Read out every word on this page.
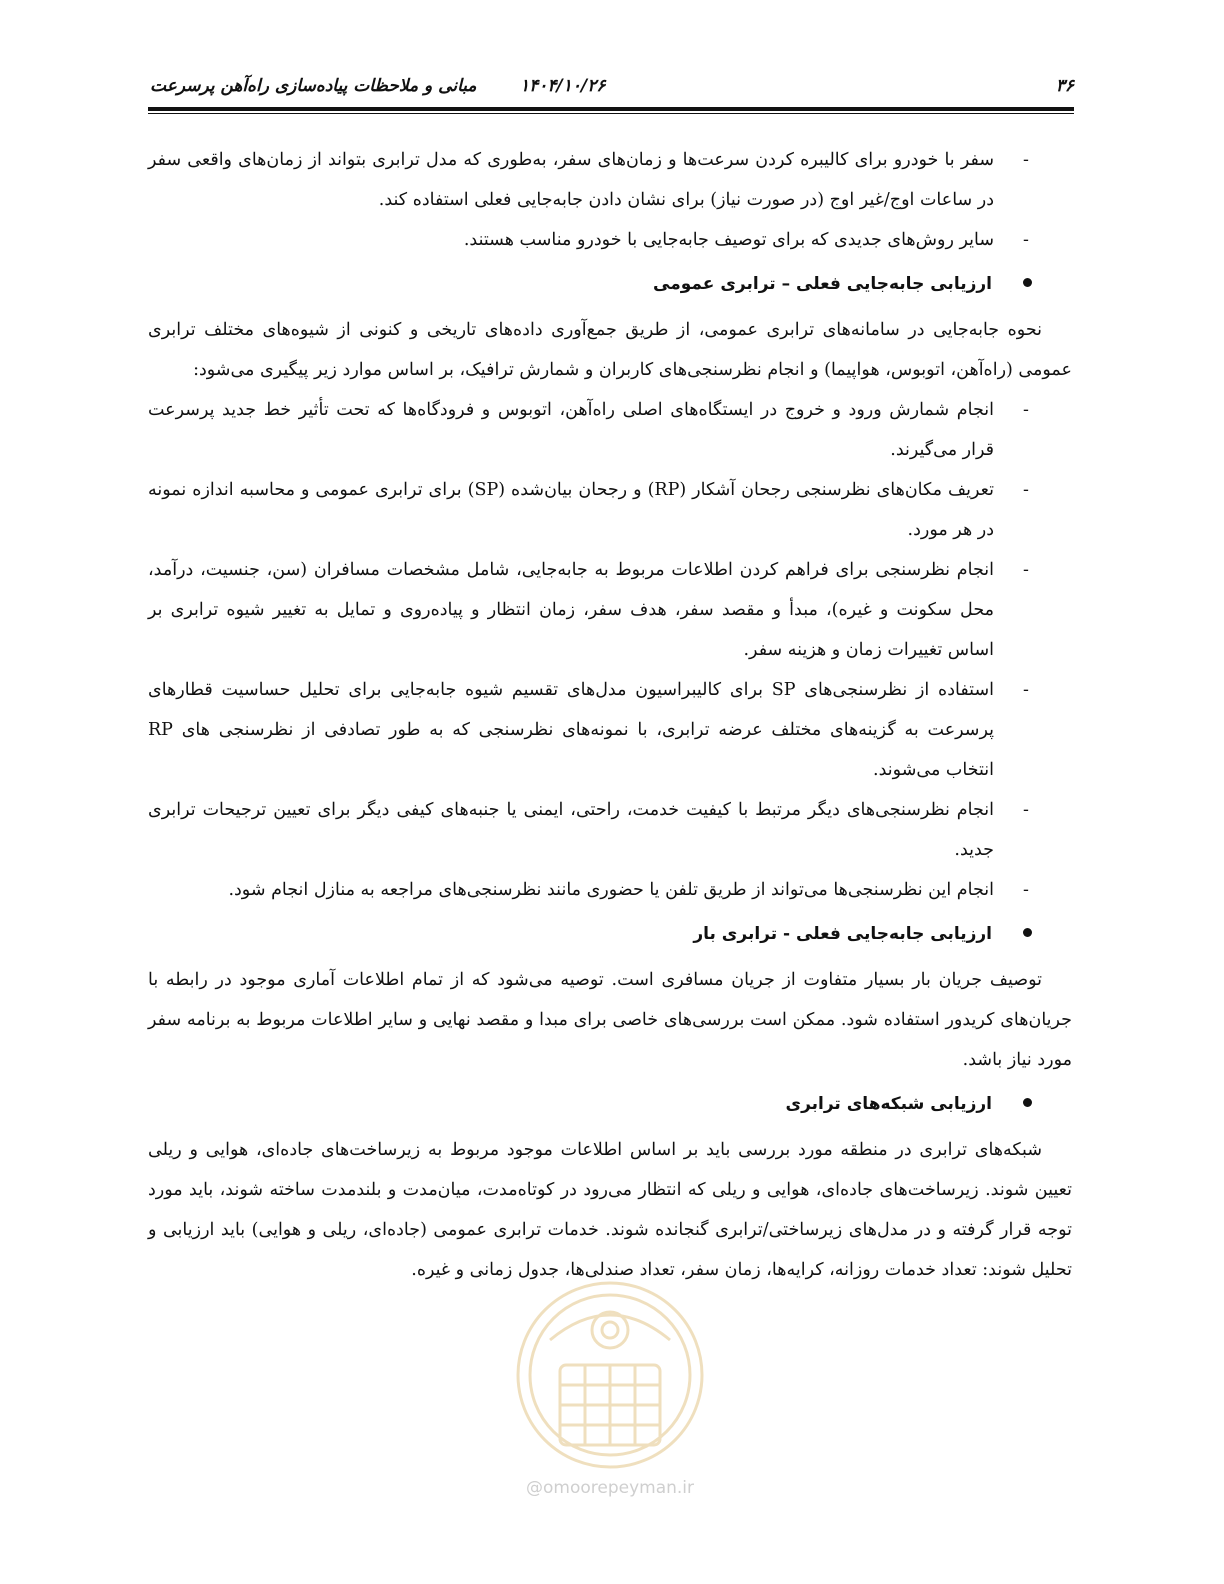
مبانی و ملاحظات پیاده‌سازی راه‌آهن پرسرعت	۱۴۰۴/۱۰/۲۶	۳۶

-
سفر با خودرو برای کالیبره کردن سرعت‌ها و زمان‌های سفر، به‌طوری که مدل ترابری بتواند از زمان‌های واقعی سفر در ساعات اوج/غیر اوج (در صورت نیاز) برای نشان دادن جابه‌جایی فعلی استفاده کند.

-
سایر روش‌های جدیدی که برای توصیف جابه‌جایی با خودرو مناسب هستند.

ارزیابی جابه‌جایی فعلی – ترابری عمومی

نحوه جابه‌جایی در سامانه‌های ترابری عمومی، از طریق جمع‌آوری داده‌های تاریخی و کنونی از شیوه‌های مختلف ترابری عمومی (راه‌آهن، اتوبوس، هواپیما) و انجام نظرسنجی‌های کاربران و شمارش ترافیک، بر اساس موارد زیر پیگیری می‌شود:

-
انجام شمارش ورود و خروج در ایستگاه‌های اصلی راه‌آهن، اتوبوس و فرودگاه‌ها که تحت تأثیر خط جدید پرسرعت قرار می‌گیرند.

-
تعریف مکان‌های نظرسنجی رجحان آشکار (RP) و رجحان بیان‌شده (SP) برای ترابری عمومی و محاسبه اندازه نمونه در هر مورد.

-
انجام نظرسنجی برای فراهم کردن اطلاعات مربوط به جابه‌جایی، شامل مشخصات مسافران (سن، جنسیت، درآمد، محل سکونت و غیره)، مبدأ و مقصد سفر، هدف سفر، زمان انتظار و پیاده‌روی و تمایل به تغییر شیوه ترابری بر اساس تغییرات زمان و هزینه سفر.

-
استفاده از نظرسنجی‌های SP برای کالیبراسیون مدل‌های تقسیم شیوه جابه‌جایی برای تحلیل حساسیت قطارهای پرسرعت به گزینه‌های مختلف عرضه ترابری، با نمونه‌های نظرسنجی که به طور تصادفی از نظرسنجی های RP انتخاب می‌شوند.

-
انجام نظرسنجی‌های دیگر مرتبط با کیفیت خدمت، راحتی، ایمنی یا جنبه‌های کیفی دیگر برای تعیین ترجیحات ترابری جدید.

-
انجام این نظرسنجی‌ها می‌تواند از طریق تلفن یا حضوری مانند نظرسنجی‌های مراجعه به منازل انجام شود.

ارزیابی جابه‌جایی فعلی - ترابری بار

توصیف جریان بار بسیار متفاوت از جریان مسافری است. توصیه می‌شود که از تمام اطلاعات آماری موجود در رابطه با جریان‌های کریدور استفاده شود. ممکن است بررسی‌های خاصی برای مبدا و مقصد نهایی و سایر اطلاعات مربوط به برنامه سفر مورد نیاز باشد.

ارزیابی شبکه‌های ترابری

شبکه‌های ترابری در منطقه مورد بررسی باید بر اساس اطلاعات موجود مربوط به زیرساخت‌های جاده‌ای، هوایی و ریلی تعیین شوند. زیرساخت‌های جاده‌ای، هوایی و ریلی که انتظار می‌رود در کوتاه‌مدت، میان‌مدت و بلندمدت ساخته شوند، باید مورد توجه قرار گرفته و در مدل‌های زیرساختی/ترابری گنجانده شوند. خدمات ترابری عمومی (جاده‌ای، ریلی و هوایی) باید ارزیابی و تحلیل شوند: تعداد خدمات روزانه، کرایه‌ها، زمان سفر، تعداد صندلی‌ها، جدول زمانی و غیره.

@omoorepeyman.ir
